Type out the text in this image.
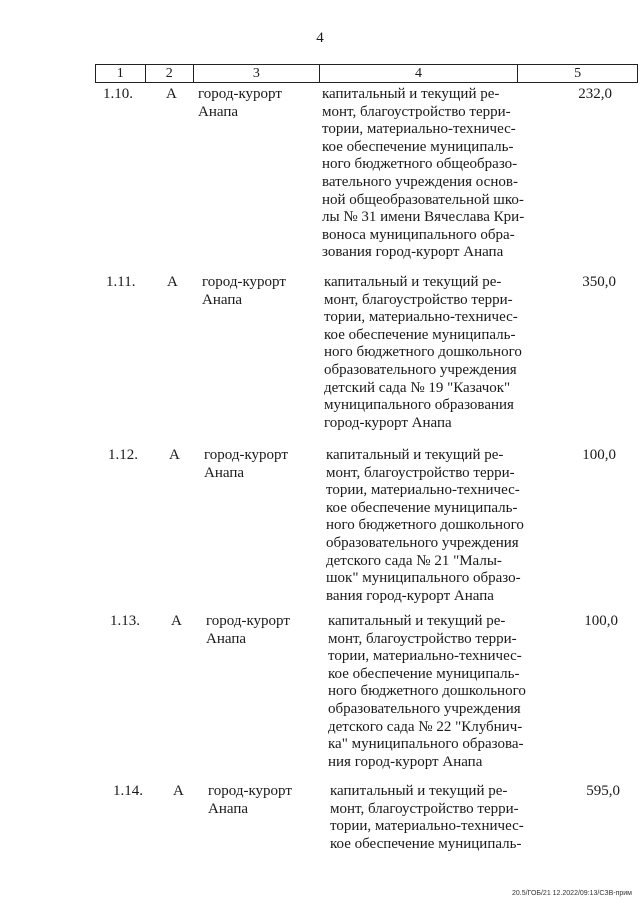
4
1	2	3	4	5
1.10. А город-курорт
Анапа
капитальный и текущий ре-
монт, благоустройство терри-
тории, материально-техничес-
кое обеспечение муниципаль-
ного бюджетного общеобразо-
вательного учреждения основ-
ной общеобразовательной шко-
лы № 31 имени Вячеслава Кри-
воноса муниципального обра-
зования город-курорт Анапа
232,0
1.11. А город-курорт
Анапа
капитальный и текущий ре-
монт, благоустройство терри-
тории, материально-техничес-
кое обеспечение муниципаль-
ного бюджетного дошкольного
образовательного учреждения
детский сада № 19 "Казачок"
муниципального образования
город-курорт Анапа
350,0
1.12. А город-курорт
Анапа
капитальный и текущий ре-
монт, благоустройство терри-
тории, материально-техничес-
кое обеспечение муниципаль-
ного бюджетного дошкольного
образовательного учреждения
детского сада № 21 "Малы-
шок" муниципального образо-
вания город-курорт Анапа
100,0
1.13. А город-курорт
Анапа
капитальный и текущий ре-
монт, благоустройство терри-
тории, материально-техничес-
кое обеспечение муниципаль-
ного бюджетного дошкольного
образовательного учреждения
детского сада № 22 "Клубнич-
ка" муниципального образова-
ния город-курорт Анапа
100,0
1.14. А город-курорт
Анапа
капитальный и текущий ре-
монт, благоустройство терри-
тории, материально-техничес-
кое обеспечение муниципаль-
595,0
20.5/ГОБ/21 12.2022/09:13/СЗВ-прим
